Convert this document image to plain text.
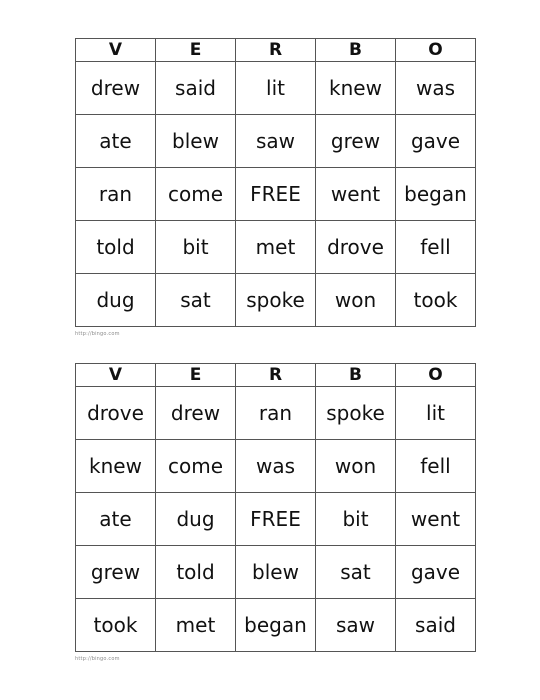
V	E	R	B	O
drew	said	lit	knew	was
ate	blew	saw	grew	gave
ran	come	FREE	went	began
told	bit	met	drove	fell
dug	sat	spoke	won	took
http://bingo.com
V	E	R	B	O
drove	drew	ran	spoke	lit
knew	come	was	won	fell
ate	dug	FREE	bit	went
grew	told	blew	sat	gave
took	met	began	saw	said
http://bingo.com
